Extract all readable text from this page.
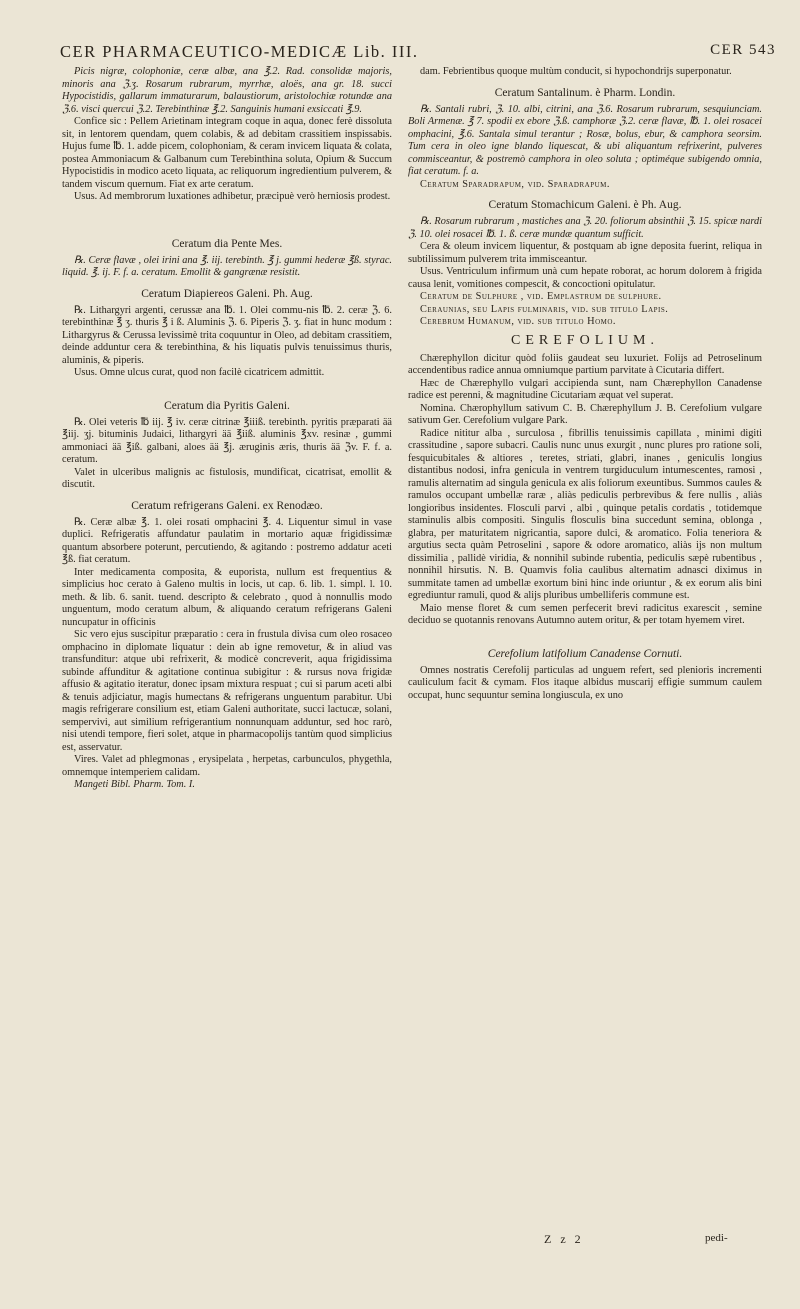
CER PHARMACEUTICO-MEDICÆ Lib. III.	CER 543

Picis nigræ, colophoniæ, ceræ albæ, ana ℥.2. Rad. consolidæ majoris, minoris ana ℨ.ʒ. Rosarum rubrarum, myrrhæ, aloës, ana gr. 18. succi Hypocistidis, gallarum immaturarum, balaustiorum, aristolochiæ rotundæ ana ℨ.6. visci quercui ℨ.2. Terebinthinæ ℥.2. Sanguinis humani exsiccati ℥.9.

Confice sic : Pellem Arietinam integram coque in aqua, donec ferè dissoluta sit, in lentorem quendam, quem colabis, & ad debitam crassitiem inspissabis. Hujus fume ℔. 1. adde picem, colophoniam, & ceram invicem liquata & colata, postea Ammoniacum & Galbanum cum Terebinthina soluta, Opium & Succum Hypocistidis in modico aceto liquata, ac reliquorum ingredientium pulverem, & tandem viscum quernum. Fiat ex arte ceratum.

Usus. Ad membrorum luxationes adhibetur, præcipuè verò herniosis prodest.

Ceratum dia Pente Mes.

℞. Ceræ flavæ , olei irini ana ℥. iij. terebinth. ℥ j. gummi hederæ ℥ß. styrac. liquid. ℥. ij. F. f. a. ceratum. Emollit & gangrænæ resistit.

Ceratum Diapiereos Galeni. Ph. Aug.

℞. Lithargyri argenti, cerussæ ana ℔. 1. Olei commu-nis ℔. 2. ceræ ℨ. 6. terebinthinæ ℥ ʒ. thuris ℥ i ß. Aluminis ℨ. 6. Piperis ℨ. ʒ. fiat in hunc modum : Lithargyrus & Cerussa levissimè trita coquuntur in Oleo, ad debitam crassitiem, deinde adduntur cera & terebinthina, & his liquatis pulvis tenuissimus thuris, aluminis, & piperis.

Usus. Omne ulcus curat, quod non facilè cicatricem admittit.

Ceratum dia Pyritis Galeni.

℞. Olei veteris ℔ iij. ℥ iv. ceræ citrinæ ℥iiiß. terebinth. pyritis præparati ää ℥iij. ʒj. bituminis Judaici, lithargyri ää ℥iiß. aluminis ℥xv. resinæ , gummi ammoniaci ää ℥iß. galbani, aloes ää ℥j. æruginis æris, thuris ää ℨv. F. f. a. ceratum.

Valet in ulceribus malignis ac fistulosis, mundificat, cicatrisat, emollit & discutit.

Ceratum refrigerans Galeni. ex Renodæo.

℞. Ceræ albæ ℥. 1. olei rosati omphacini ℥. 4. Liquentur simul in vase duplici. Refrigeratis affundatur paulatim in mortario aquæ frigidissimæ quantum absorbere poterunt, percutiendo, & agitando : postremo addatur aceti ℥ß. fiat ceratum.

Inter medicamenta composita, & euporista, nullum est frequentius & simplicius hoc cerato à Galeno multis in locis, ut cap. 6. lib. 1. simpl. l. 10. meth. & lib. 6. sanit. tuend. descripto & celebrato , quod à nonnullis modo unguentum, modo ceratum album, & aliquando ceratum refrigerans Galeni nuncupatur in officinis

Sic vero ejus suscipitur præparatio : cera in frustula divisa cum oleo rosaceo omphacino in diplomate liquatur : dein ab igne removetur, & in aliud vas transfunditur: atque ubi refrixerit, & modicè concreverit, aqua frigidissima subinde affunditur & agitatione continua subigitur : & rursus nova frigidæ affusio & agitatio iteratur, donec ipsam mixtura respuat ; cui si parum aceti albi & tenuis adjiciatur, magis humectans & refrigerans unguentum parabitur. Ubi magis refrigerare consilium est, etiam Galeni authoritate, succi lactucæ, solani, sempervivi, aut similium refrigerantium nonnunquam adduntur, sed hoc rarò, nisi utendi tempore, fieri solet, atque in pharmacopolijs tantùm quod simplicius est, asservatur.

Vires. Valet ad phlegmonas , erysipelata , herpetas, carbunculos, phygethla, omnemque intemperiem calidam.

Mangeti Bibl. Pharm. Tom. I.

dam. Febrientibus quoque multùm conducit, si hypochondrijs superponatur.

Ceratum Santalinum. è Pharm. Londin.

℞. Santali rubri, ℨ. 10. albi, citrini, ana ℨ.6. Rosarum rubrarum, sesquiunciam. Boli Armenæ. ℥ 7. spodii ex ebore ℨ.ß. camphoræ ℨ.2. ceræ flavæ, ℔. 1. olei rosacei omphacini, ℥.6. Santala simul terantur ; Rosæ, bolus, ebur, & camphora seorsim. Tum cera in oleo igne blando liquescat, & ubi aliquantum refrixerint, pulveres commisceantur, & postremò camphora in oleo soluta ; optiméque subigendo omnia, fiat ceratum. f. a.

Ceratum Sparadrapum, vid. Sparadrapum.

Ceratum Stomachicum Galeni. è Ph. Aug.

℞. Rosarum rubrarum , mastiches ana ℨ. 20. foliorum absinthii ℨ. 15. spicæ nardi ℨ. 10. olei rosacei ℔. 1. ß. ceræ mundæ quantum sufficit.

Cera & oleum invicem liquentur, & postquam ab igne deposita fuerint, reliqua in subtilissimum pulverem trita immisceantur.

Usus. Ventriculum infirmum unà cum hepate roborat, ac horum dolorem à frigida causa lenit, vomitiones compescit, & concoctioni opitulatur.

Ceratum de Sulphure , vid. Emplastrum de sulphure.

Ceraunias, seu Lapis fulminaris, vid. sub titulo Lapis.

Cerebrum Humanum, vid. sub titulo Homo.

CEREFOLIUM.

Chærephyllon dicitur quòd foliis gaudeat seu luxuriet. Folijs ad Petroselinum accendentibus radice annua omniumque partium parvitate à Cicutaria differt.

Hæc de Chærephyllo vulgari accipienda sunt, nam Chærephyllon Canadense radice est perenni, & magnitudine Cicutariam æquat vel superat.

Nomina. Chærophyllum sativum C. B. Chærephyllum J. B. Cerefolium vulgare sativum Ger. Cerefolium vulgare Park.

Radice nititur alba , surculosa , fibrillis tenuissimis capillata , minimi digiti crassitudine , sapore subacri. Caulis nunc unus exurgit , nunc plures pro ratione soli, fesquicubitales & altiores , teretes, striati, glabri, inanes , geniculis longius distantibus nodosi, infra genicula in ventrem turgiduculum intumescentes, ramosi , ramulis alternatim ad singula genicula ex alis foliorum exeuntibus. Summos caules & ramulos occupant umbellæ raræ , aliàs pediculis perbrevibus & fere nullis , aliàs longioribus insidentes. Flosculi parvi , albi , quinque petalis cordatis , totidemque staminulis albis compositi. Singulis flosculis bina succedunt semina, oblonga , glabra, per maturitatem nigricantia, sapore dulci, & aromatico. Folia teneriora & argutius secta quàm Petroselini , sapore & odore aromatico, aliàs ijs non multum dissimilia , pallidè viridia, & nonnihil subinde rubentia, pediculis sæpè rubentibus , nonnihil hirsutis. N. B. Quamvis folia caulibus alternatim adnasci diximus in summitate tamen ad umbellæ exortum bini hinc inde oriuntur , & ex eorum alis bini egrediuntur ramuli, quod & alijs pluribus umbelliferis commune est.

Maio mense floret & cum semen perfecerit brevi radicitus exarescit , semine deciduo se quotannis renovans Autumno autem oritur, & per totam hyemem viret.

Cerefolium latifolium Canadense Cornuti.

Omnes nostratis Cerefolij particulas ad unguem refert, sed plenioris incrementi cauliculum facit & cymam. Flos itaque albidus muscarij effigie summum caulem occupat, hunc sequuntur semina longiuscula, ex uno

Z z 2	pedi-
